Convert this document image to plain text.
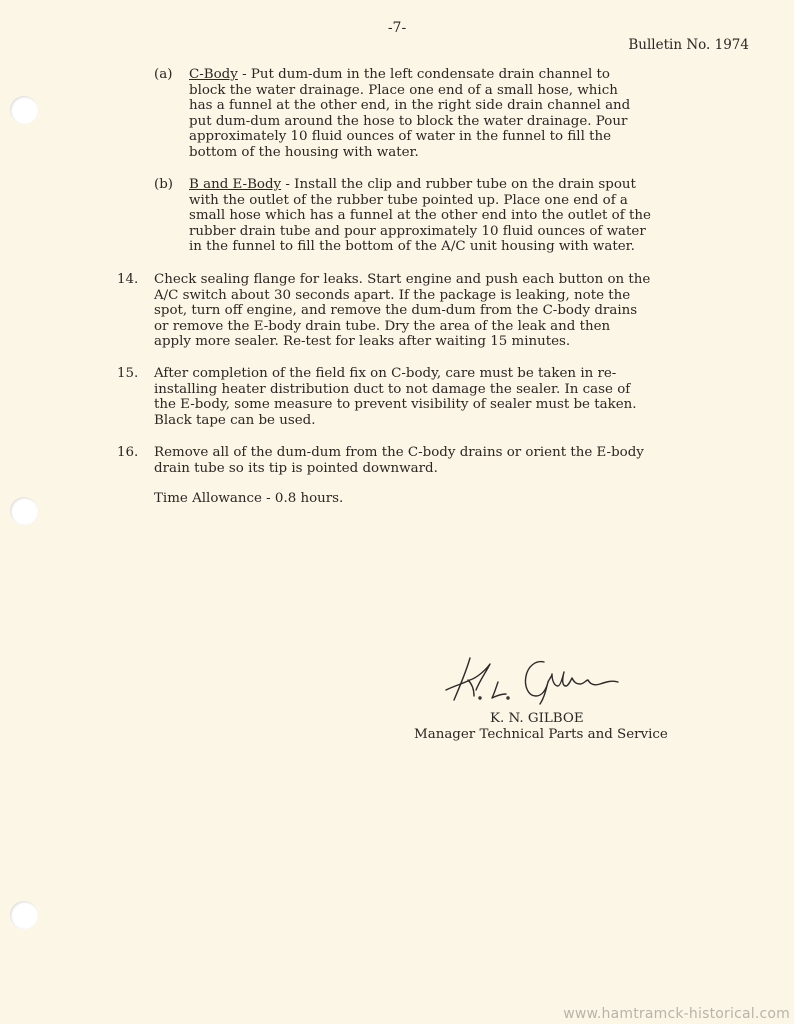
-7-
Bulletin No. 1974
(a) C-Body - Put dum-dum in the left condensate drain channel to
block the water drainage. Place one end of a small hose, which
has a funnel at the other end, in the right side drain channel and
put dum-dum around the hose to block the water drainage. Pour
approximately 10 fluid ounces of water in the funnel to fill the
bottom of the housing with water.
(b) B and E-Body - Install the clip and rubber tube on the drain spout
with the outlet of the rubber tube pointed up. Place one end of a
small hose which has a funnel at the other end into the outlet of the
rubber drain tube and pour approximately 10 fluid ounces of water
in the funnel to fill the bottom of the A/C unit housing with water.
14. Check sealing flange for leaks. Start engine and push each button on the
A/C switch about 30 seconds apart. If the package is leaking, note the
spot, turn off engine, and remove the dum-dum from the C-body drains
or remove the E-body drain tube. Dry the area of the leak and then
apply more sealer. Re-test for leaks after waiting 15 minutes.
15. After completion of the field fix on C-body, care must be taken in re-
installing heater distribution duct to not damage the sealer. In case of
the E-body, some measure to prevent visibility of sealer must be taken.
Black tape can be used.
16. Remove all of the dum-dum from the C-body drains or orient the E-body
drain tube so its tip is pointed downward.
Time Allowance - 0.8 hours.
K. N. GILBOE
Manager Technical Parts and Service
www.hamtramck-historical.com
